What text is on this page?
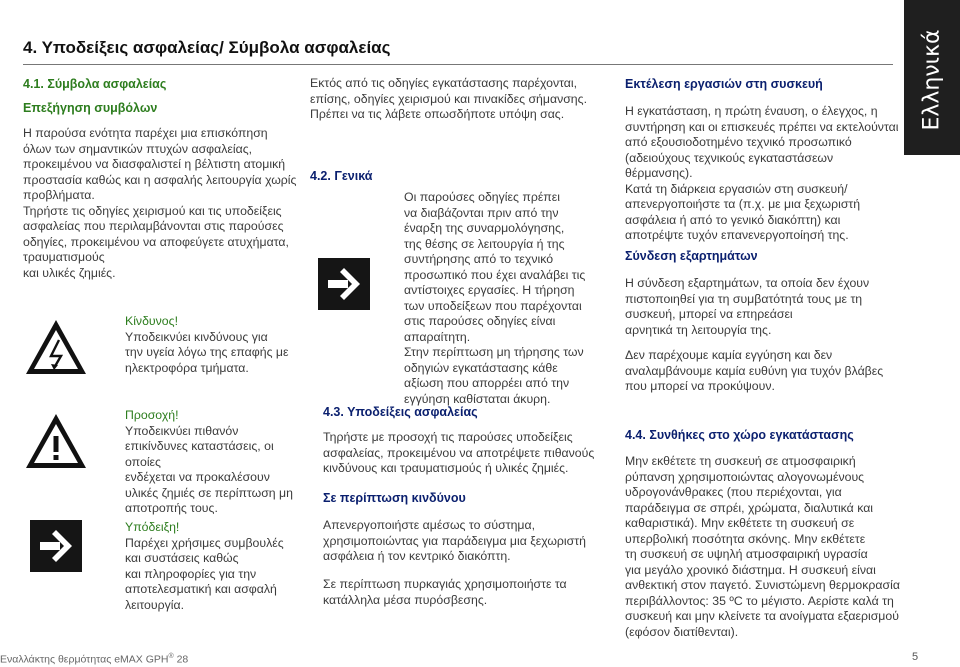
4. Υποδείξεις ασφαλείας/ Σύμβολα ασφαλείας	Ελληνικά
4.1. Σύμβολα ασφαλείας
Επεξήγηση συμβόλων

Η παρούσα ενότητα παρέχει μια επισκόπηση

όλων των σημαντικών πτυχών ασφαλείας,

προκειμένου να διασφαλιστεί η βέλτιστη ατομική

προστασία καθώς και η ασφαλής λειτουργία χωρίς

προβλήματα.

Τηρήστε τις οδηγίες χειρισμού και τις υποδείξεις

ασφαλείας που περιλαμβάνονται στις παρούσες

οδηγίες, προκειμένου να αποφεύγετε ατυχήματα,

τραυματισμούς

και υλικές ζημιές.

Κίνδυνος!

Υποδεικνύει κινδύνους για

την υγεία λόγω της επαφής με

ηλεκτροφόρα τμήματα.

Προσοχή!

Υποδεικνύει πιθανόν

επικίνδυνες καταστάσεις, οι

οποίες

ενδέχεται να προκαλέσουν

υλικές ζημιές σε περίπτωση μη

αποτροπής τους.

Υπόδειξη!

Παρέχει χρήσιμες συμβουλές

και συστάσεις καθώς

και πληροφορίες για την

αποτελεσματική και ασφαλή

λειτουργία.

Εκτός από τις οδηγίες εγκατάστασης παρέχονται,

επίσης, οδηγίες χειρισμού και πινακίδες σήμανσης.

Πρέπει να τις λάβετε οπωσδήποτε υπόψη σας.

4.2. Γενικά

Οι παρούσες οδηγίες πρέπει

να διαβάζονται πριν από την

έναρξη της συναρμολόγησης,

της θέσης σε λειτουργία ή της

συντήρησης από το τεχνικό

προσωπικό που έχει αναλάβει τις

αντίστοιχες εργασίες. Η τήρηση

των υποδείξεων που παρέχονται

στις παρούσες οδηγίες είναι

απαραίτητη.

Στην περίπτωση μη τήρησης των

οδηγιών εγκατάστασης κάθε

αξίωση που απορρέει από την

εγγύηση καθίσταται άκυρη.

4.3. Υποδείξεις ασφαλείας

Τηρήστε με προσοχή τις παρούσες υποδείξεις

ασφαλείας, προκειμένου να αποτρέψετε πιθανούς

κινδύνους και τραυματισμούς ή υλικές ζημιές.

Σε περίπτωση κινδύνου

Απενεργοποιήστε αμέσως το σύστημα,

χρησιμοποιώντας για παράδειγμα μια ξεχωριστή

ασφάλεια ή τον κεντρικό διακόπτη.

Σε περίπτωση πυρκαγιάς χρησιμοποιήστε τα

κατάλληλα μέσα πυρόσβεσης.

Εκτέλεση εργασιών στη συσκευή

Η εγκατάσταση, η πρώτη έναυση, ο έλεγχος, η

συντήρηση και οι επισκευές πρέπει να εκτελούνται

από εξουσιοδοτημένο τεχνικό προσωπικό

(αδειούχους τεχνικούς εγκαταστάσεων θέρμανσης).

Κατά τη διάρκεια εργασιών στη συσκευή/

απενεργοποιήστε τα (π.χ. με μια ξεχωριστή

ασφάλεια ή από το γενικό διακόπτη) και

αποτρέψτε τυχόν επανενεργοποίησή της.

Σύνδεση εξαρτημάτων

Η σύνδεση εξαρτημάτων, τα οποία δεν έχουν

πιστοποιηθεί για τη συμβατότητά τους με τη

συσκευή, μπορεί να επηρεάσει

αρνητικά τη λειτουργία της.

Δεν παρέχουμε καμία εγγύηση και δεν

αναλαμβάνουμε καμία ευθύνη για τυχόν βλάβες

που μπορεί να προκύψουν.

4.4. Συνθήκες στο χώρο εγκατάστασης

Μην εκθέτετε τη συσκευή σε ατμοσφαιρική

ρύπανση χρησιμοποιώντας αλογονωμένους

υδρογονάνθρακες (που περιέχονται, για

παράδειγμα σε σπρέι, χρώματα, διαλυτικά και

καθαριστικά). Μην εκθέτετε τη συσκευή σε

υπερβολική ποσότητα σκόνης. Μην εκθέτετε

τη συσκευή σε υψηλή ατμοσφαιρική υγρασία

για μεγάλο χρονικό διάστημα. Η συσκευή είναι

ανθεκτική στον παγετό. Συνιστώμενη θερμοκρασία

περιβάλλοντος: 35 ºC το μέγιστο. Αερίστε καλά τη

συσκευή και μην κλείνετε τα ανοίγματα εξαερισμού

(εφόσον διατίθενται).

Εναλλάκτης θερμότητας eMAX GPH® 28	5
